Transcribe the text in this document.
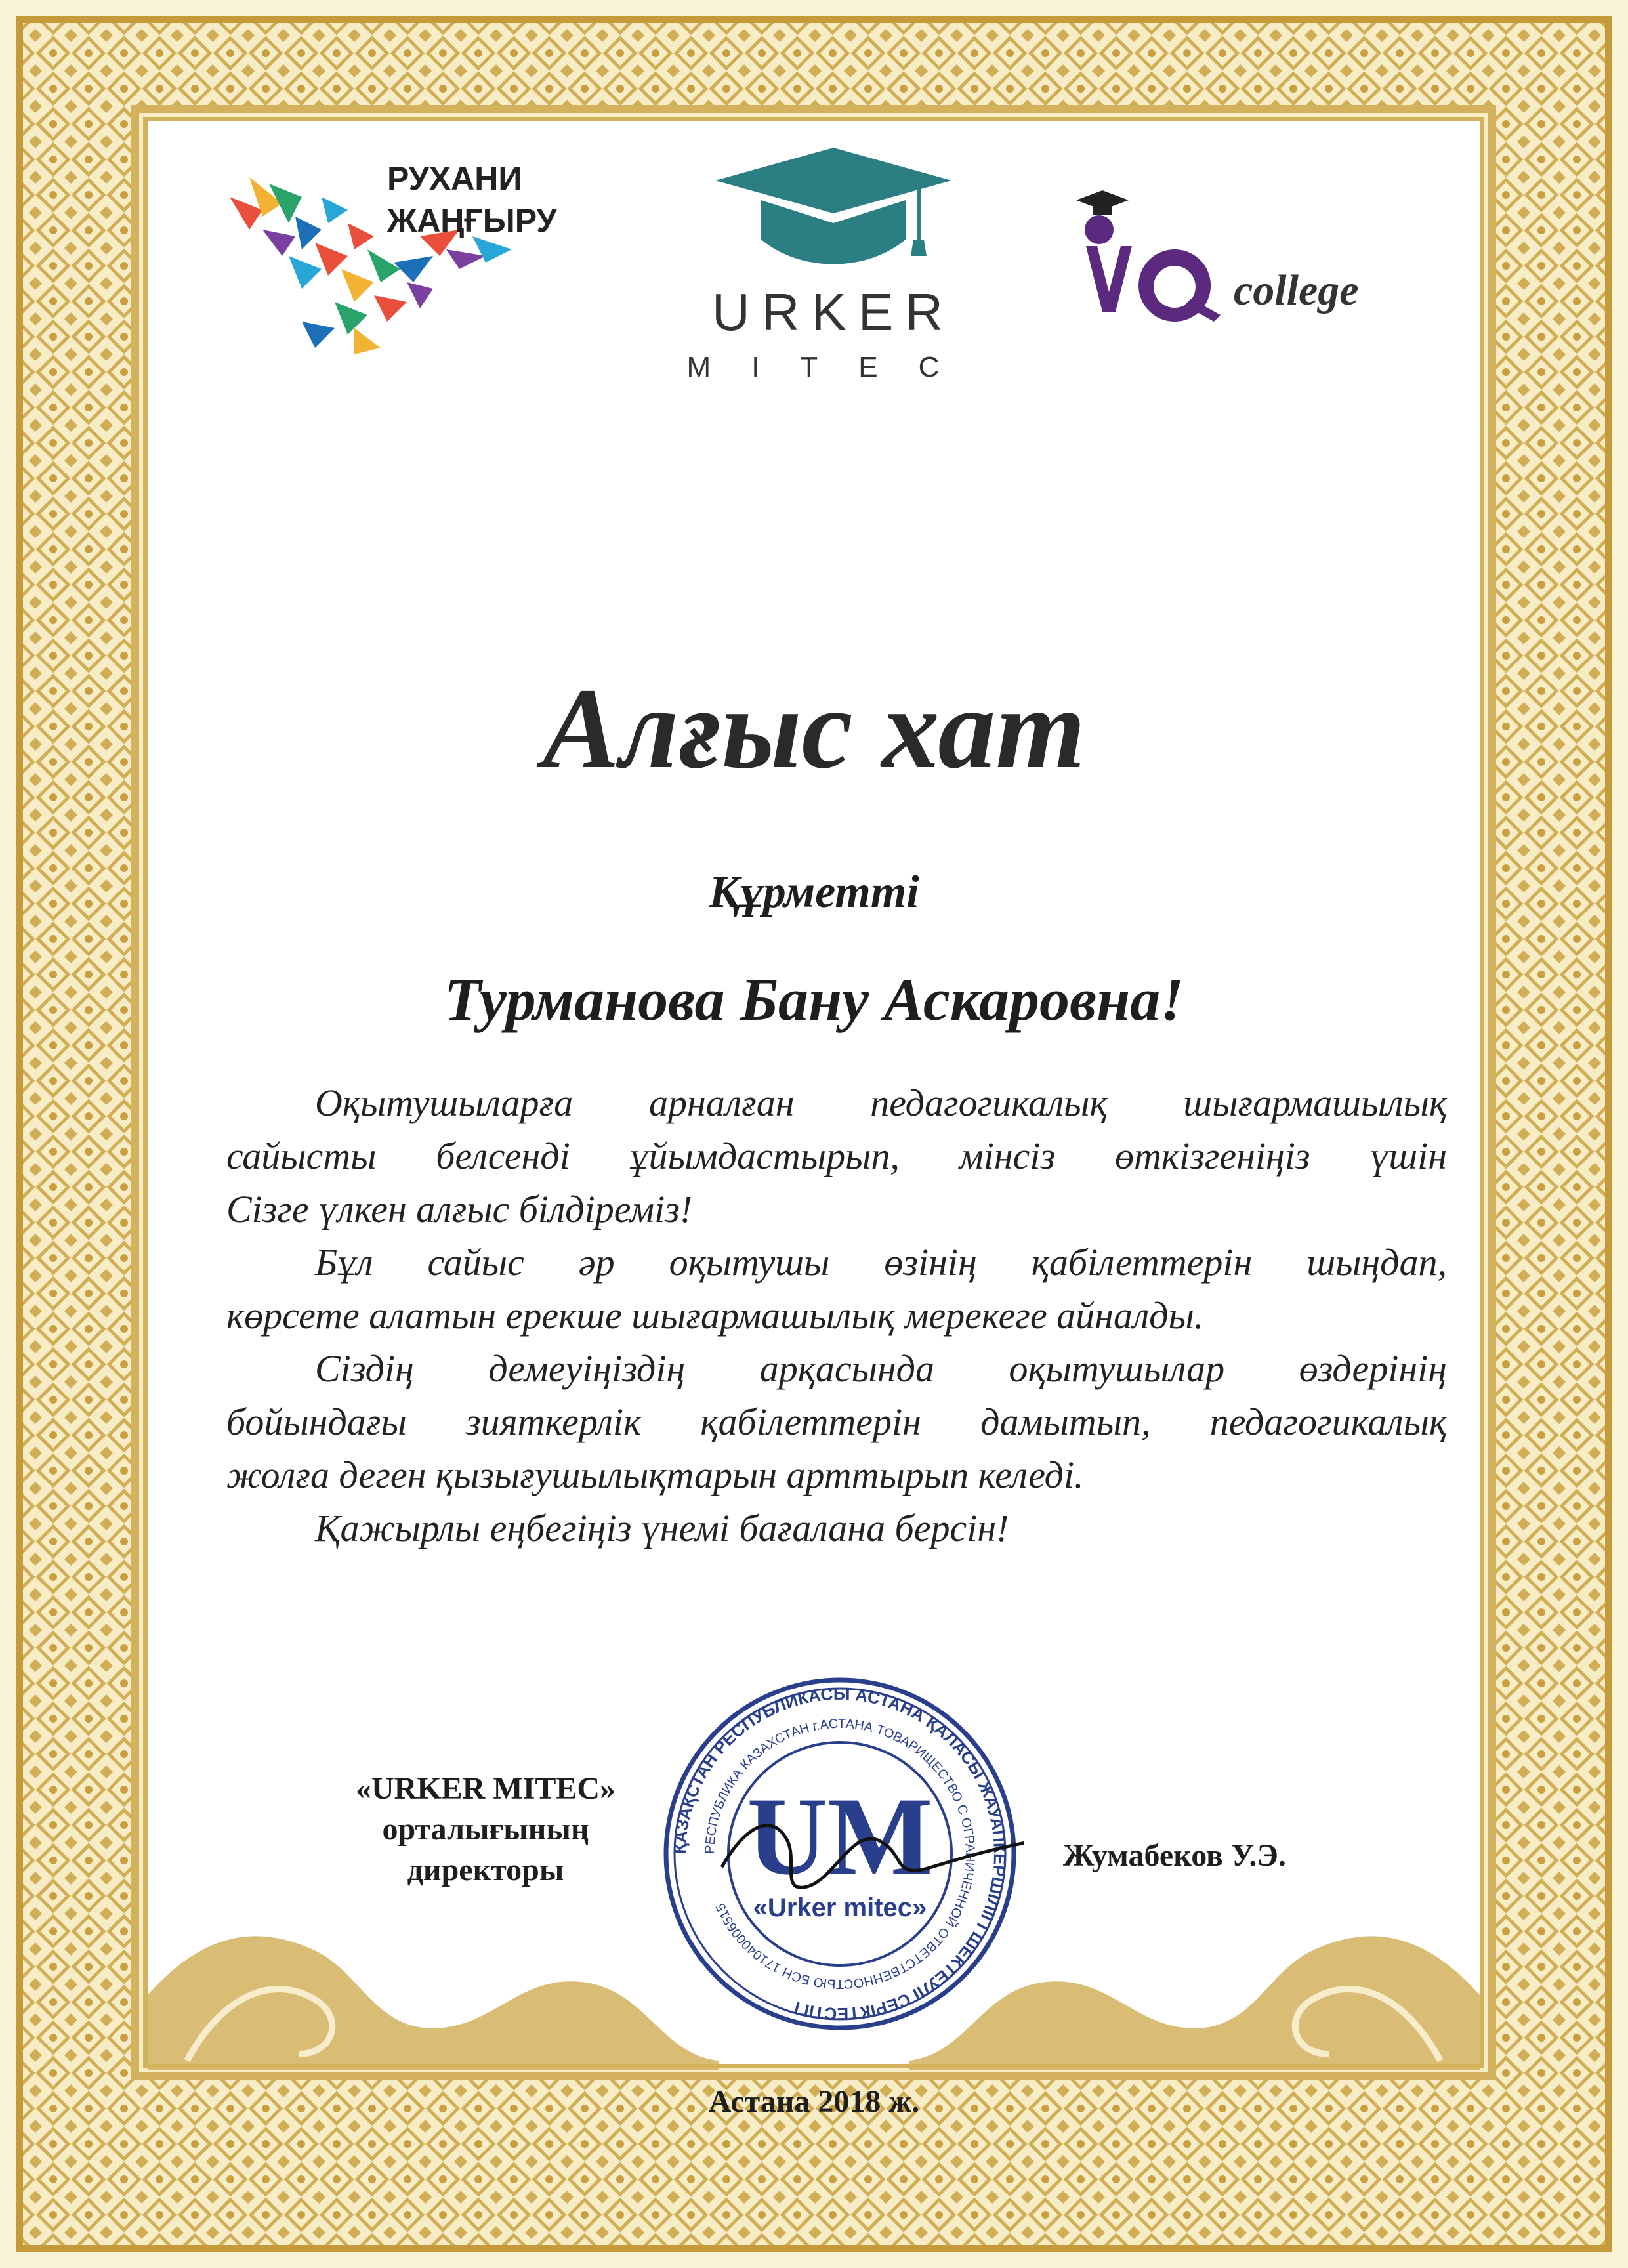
РУХАНИ
ЖАҢҒЫРУ
URKER
MITEC
college
Алғыс хат
Құрметті
Турманова Бану Аскаровна!
Оқытушыларға арналған педагогикалық шығармашылық
сайысты белсенді ұйымдастырып, мінсіз өткізгеніңіз үшін
Сізге үлкен алғыс білдіреміз!
Бұл сайыс әр оқытушы өзінің қабілеттерін шыңдап,
көрсете алатын ерекше шығармашылық мерекеге айналды.
Сіздің демеуіңіздің арқасында оқытушылар өздерінің
бойындағы зияткерлік қабілеттерін дамытып, педагогикалық
жолға деген қызығушылықтарын арттырып келеді.
Қажырлы еңбегіңіз үнемі бағалана берсін!
«URKER MITEC»
орталығының
директоры
ҚАЗАҚСТАН РЕСПУБЛИКАСЫ АСТАНА ҚАЛАСЫ ЖАУАПКЕРШІЛІГІ ШЕКТЕУЛІ СЕРІКТЕСТІГІ
РЕСПУБЛИКА КАЗАХСТАН г.АСТАНА ТОВАРИЩЕСТВО С ОГРАНИЧЕННОЙ ОТВЕТСТВЕННОСТЬЮ БСН 171040006515
UM
«Urker mitec»
Жумабеков У.Э.
Астана 2018 ж.
